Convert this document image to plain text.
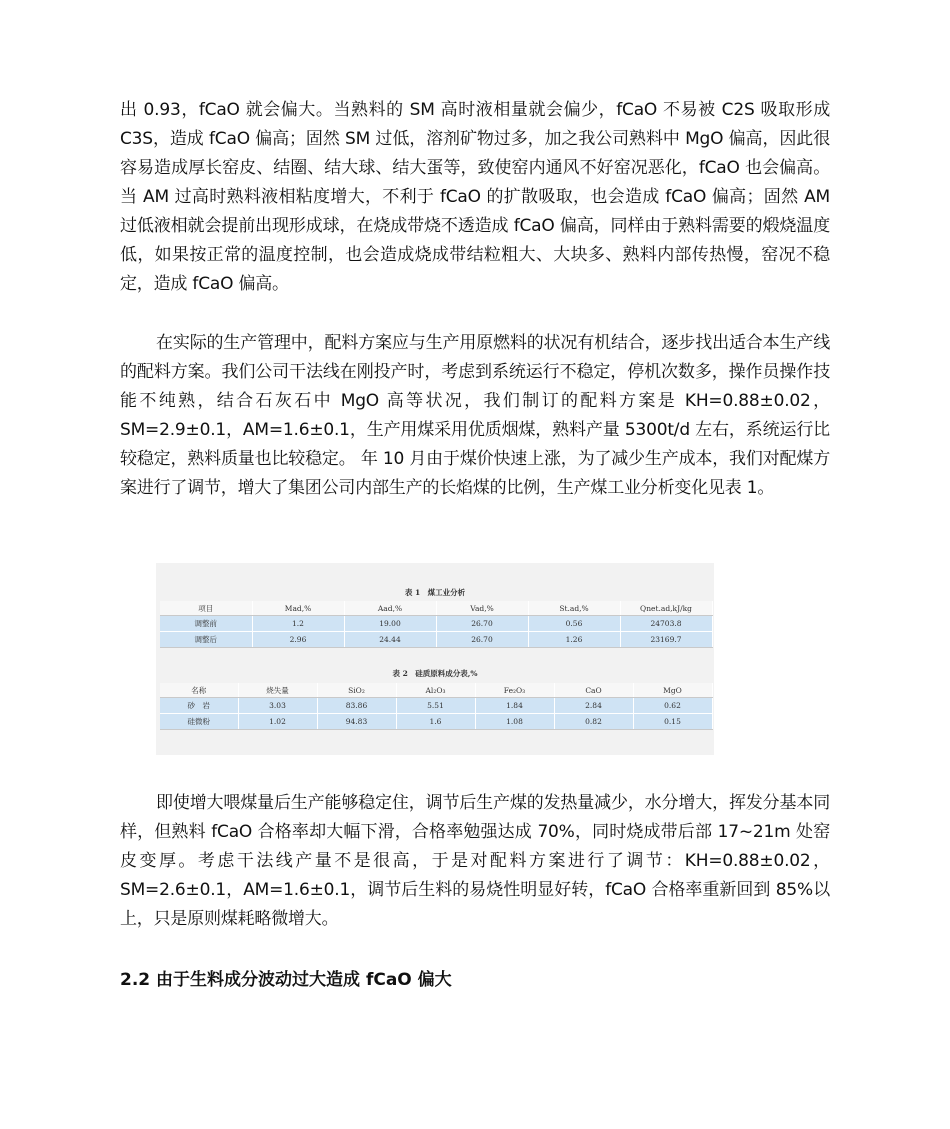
出 0.93，fCaO 就会偏大。当熟料的 SM 高时液相量就会偏少，fCaO 不易被 C2S 吸取形成 C3S，造成 fCaO 偏高；固然 SM 过低，溶剂矿物过多，加之我公司熟料中 MgO 偏高，因此很容易造成厚长窑皮、结圈、结大球、结大蛋等，致使窑内通风不好窑况恶化，fCaO 也会偏高。当 AM 过高时熟料液相粘度增大，不利于 fCaO 的扩散吸取，也会造成 fCaO 偏高；固然 AM 过低液相就会提前出现形成球，在烧成带烧不透造成 fCaO 偏高，同样由于熟料需要的煅烧温度低，如果按正常的温度控制，也会造成烧成带结粒粗大、大块多、熟料内部传热慢，窑况不稳定，造成 fCaO 偏高。

在实际的生产管理中，配料方案应与生产用原燃料的状况有机结合，逐步找出适合本生产线的配料方案。我们公司干法线在刚投产时，考虑到系统运行不稳定，停机次数多，操作员操作技能不纯熟，结合石灰石中 MgO 高等状况，我们制订的配料方案是 KH=0.88±0.02，SM=2.9±0.1，AM=1.6±0.1，生产用煤采用优质烟煤，熟料产量 5300t/d 左右，系统运行比较稳定，熟料质量也比较稳定。 年 10 月由于煤价快速上涨，为了减少生产成本，我们对配煤方案进行了调节，增大了集团公司内部生产的长焰煤的比例，生产煤工业分析变化见表 1。

表 1　煤工业分析
项目	Mad,%	Aad,%	Vad,%	St.ad,%	Qnet.ad,kJ/kg
调整前	1.2	19.00	26.70	0.56	24703.8
调整后	2.96	24.44	26.70	1.26	23169.7
表 2　硅质原料成分表,%
名称	烧失量	SiO₂	Al₂O₃	Fe₂O₃	CaO	MgO
砂　岩	3.03	83.86	5.51	1.84	2.84	0.62
硅微粉	1.02	94.83	1.6	1.08	0.82	0.15

即使增大喂煤量后生产能够稳定住，调节后生产煤的发热量减少，水分增大，挥发分基本同样，但熟料 fCaO 合格率却大幅下滑，合格率勉强达成 70%，同时烧成带后部 17~21m 处窑皮变厚。考虑干法线产量不是很高，于是对配料方案进行了调节：KH=0.88±0.02，SM=2.6±0.1，AM=1.6±0.1，调节后生料的易烧性明显好转，fCaO 合格率重新回到 85%以上，只是原则煤耗略微增大。

2.2 由于生料成分波动过大造成 fCaO 偏大
